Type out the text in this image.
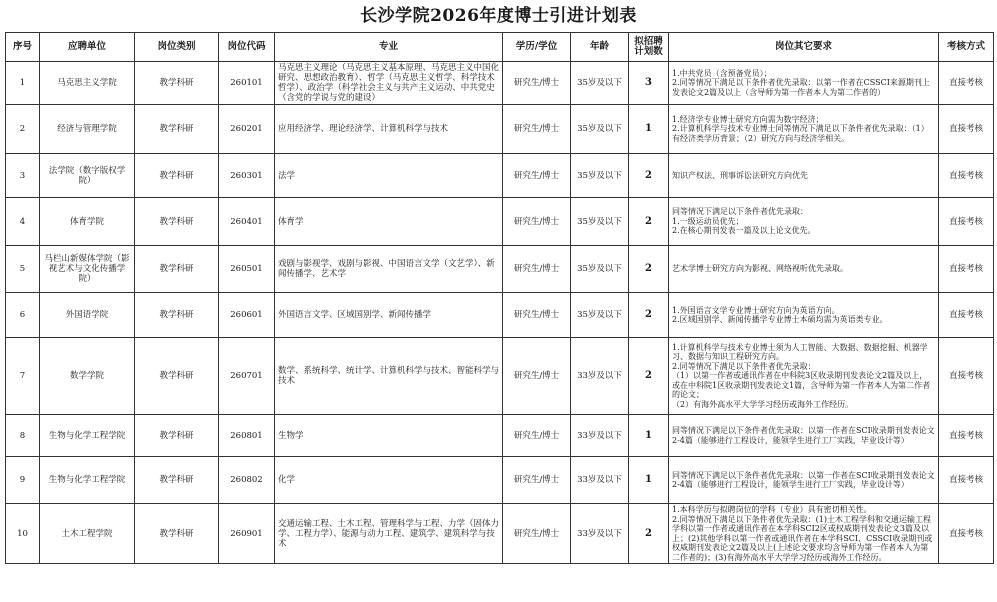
长沙学院2026年度博士引进计划表
序号	应聘单位	岗位类别	岗位代码	专业	学历/学位	年龄	拟招聘计划数	岗位其它要求	考核方式
1	马克思主义学院	教学科研	260101	马克思主义理论（马克思主义基本原理、马克思主义中国化研究、思想政治教育）、哲学（马克思主义哲学、科学技术哲学）、政治学（科学社会主义与共产主义运动、中共党史（含党的学说与党的建设）	研究生/博士	35岁及以下	3	1.中共党员（含预备党员）；
2.同等情况下满足以下条件者优先录取：以第一作者在CSSCI来源期刊上发表论文2篇及以上（含导师为第一作者本人为第二作者的）	直接考核
2	经济与管理学院	教学科研	260201	应用经济学、理论经济学、计算机科学与技术	研究生/博士	35岁及以下	1	1.经济学专业博士研究方向需为数字经济；
2.计算机科学与技术专业博士同等情况下满足以下条件者优先录取：（1）有经济类学历背景；（2）研究方向与经济学相关。	直接考核
3	法学院（数字版权学院）	教学科研	260301	法学	研究生/博士	35岁及以下	2	知识产权法、刑事诉讼法研究方向优先	直接考核
4	体育学院	教学科研	260401	体育学	研究生/博士	35岁及以下	2	同等情况下满足以下条件者优先录取：
1.一级运动员优先；
2.在核心期刊发表一篇及以上论文优先。	直接考核
5	马栏山新媒体学院（影视艺术与文化传播学院）	教学科研	260501	戏剧与影视学、戏剧与影视、中国语言文学（文艺学）、新闻传播学、艺术学	研究生/博士	35岁及以下	2	艺术学博士研究方向为影视、网络视听优先录取。	直接考核
6	外国语学院	教学科研	260601	外国语言文学、区域国别学、新闻传播学	研究生/博士	35岁及以下	2	1.外国语言文学专业博士研究方向为英语方向。
2.区域国别学、新闻传播学专业博士本硕均需为英语类专业。	直接考核
7	数学学院	教学科研	260701	数学、系统科学、统计学、计算机科学与技术、智能科学与技术	研究生/博士	33岁及以下	2	1.计算机科学与技术专业博士须为人工智能、大数据、数据挖掘、机器学习、数据与知识工程研究方向。
2.同等情况下满足以下条件者优先录取：
（1）以第一作者或通讯作者在中科院3区收录期刊发表论文2篇及以上，或在中科院1区收录期刊发表论文1篇，含导师为第一作者本人为第二作者的论文；
（2）有海外高水平大学学习经历或海外工作经历。	直接考核
8	生物与化学工程学院	教学科研	260801	生物学	研究生/博士	33岁及以下	1	同等情况下满足以下条件者优先录取：以第一作者在SCI收录期刊发表论文2-4篇（能够进行工程设计，能领学生进行工厂实践，毕业设计等）	直接考核
9	生物与化学工程学院	教学科研	260802	化学	研究生/博士	33岁及以下	1	同等情况下满足以下条件者优先录取：以第一作者在SCI收录期刊发表论文2-4篇（能够进行工程设计，能领学生进行工厂实践，毕业设计等）	直接考核
10	土木工程学院	教学科研	260901	交通运输工程、土木工程、管理科学与工程、力学（固体力学、工程力学）、能源与动力工程、建筑学、建筑科学与技术	研究生/博士	33岁及以下	2	1.本科学历与拟聘岗位的学科（专业）具有密切相关性。
2.同等情况下满足以下条件者优先录取：(1)土木工程学科和交通运输工程学科以第一作者或通讯作者在本学科SCI2区或权威期刊发表论文3篇及以上；(2)其他学科以第一作者或通讯作者在本学科SCI、CSSCI收录期刊或权威期刊发表论文2篇及以上(上述论文要求均含导师为第一作者本人为第二作者的)；(3)有海外高水平大学学习经历或海外工作经历。	直接考核
